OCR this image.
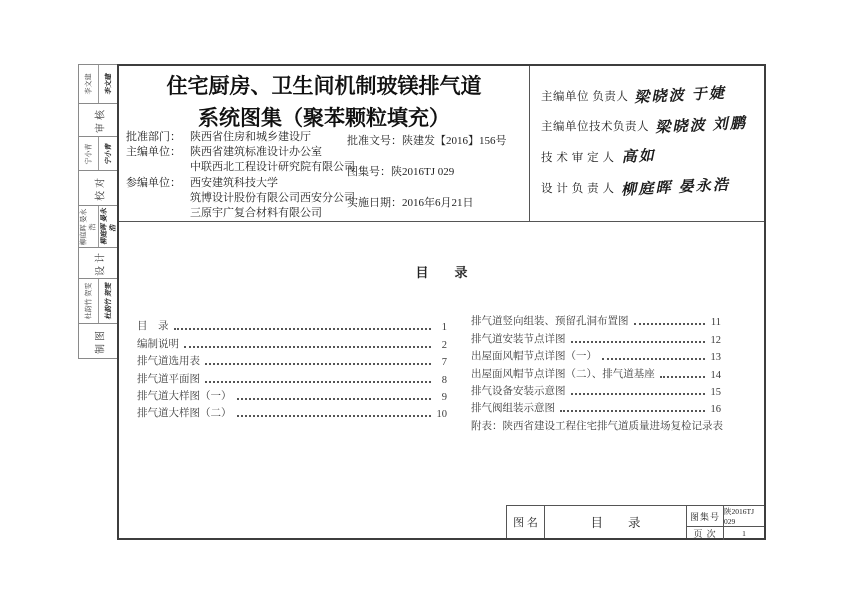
李文建 李文建
审核
宁小青 宁小青
校对
柳庭晖 晏永浩 柳庭晖 晏永浩
设计
杜韵竹 贺雯 杜韵竹 贺雯
制图
住宅厨房、卫生间机制玻镁排气道
系统图集（聚苯颗粒填充）
批准部门： 陕西省住房和城乡建设厅
主编单位： 陕西省建筑标准设计办公室
中联西北工程设计研究院有限公司
参编单位： 西安建筑科技大学
筑博设计股份有限公司西安分公司
三原宇广复合材料有限公司
批准文号：陕建发【2016】156号
图集号：陕2016TJ 029
实施日期：2016年6月21日
主编单位 负责人 梁晓波 于婕
主编单位技术负责人 梁晓波 刘鹏
技 术 审 定 人 高如
设 计 负 责 人 柳庭晖 晏永浩
目　　录
目　录	1
编制说明	2
排气道选用表	7
排气道平面图	8
排气道大样图（一）	9
排气道大样图（二）	10
排气道竖向组装、预留孔洞布置图	11
排气道安装节点详图	12
出屋面风帽节点详图（一）	13
出屋面风帽节点详图（二）、排气道基座	14
排气设备安装示意图	15
排气阀组装示意图	16
附表：陕西省建设工程住宅排气道质量进场复检记录表
图 名	目　　录	图集号 陕2016TJ 029
页 次	1
